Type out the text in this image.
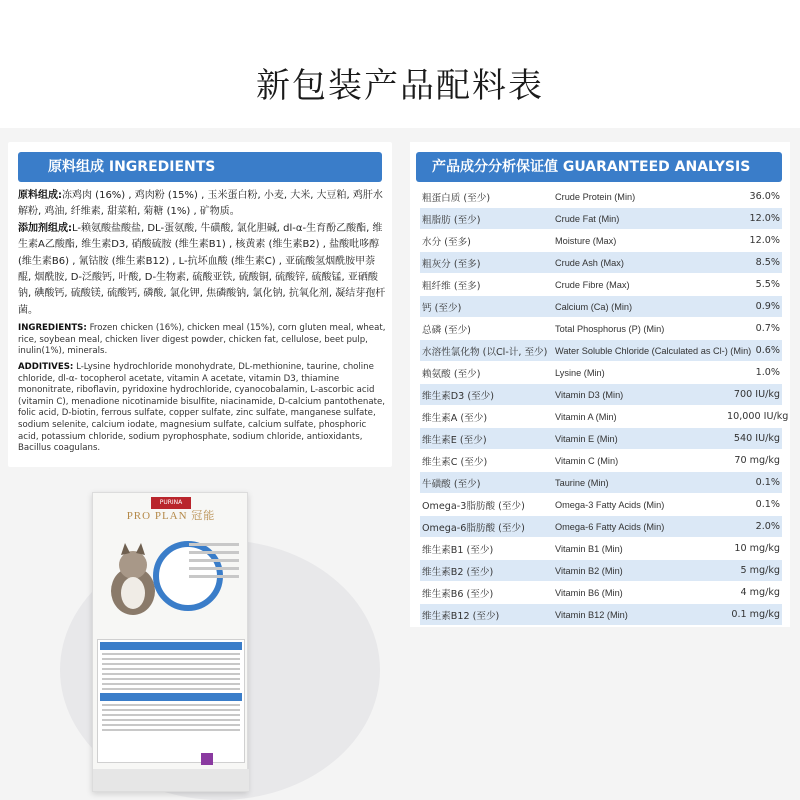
新包装产品配料表
原料组成 INGREDIENTS
原料组成:冻鸡肉 (16%) , 鸡肉粉 (15%) , 玉米蛋白粉, 小麦, 大米, 大豆粕, 鸡肝水解粉, 鸡油, 纤维素, 甜菜粕, 菊糖 (1%) , 矿物质。
添加剂组成:L-赖氨酸盐酸盐, DL-蛋氨酸, 牛磺酸, 氯化胆碱, dl-α-生育酚乙酸酯, 维生素A乙酸酯, 维生素D3, 硝酸硫胺 (维生素B1) , 核黄素 (维生素B2) , 盐酸吡哆醇 (维生素B6) , 氰钴胺 (维生素B12) , L-抗坏血酸 (维生素C) , 亚硫酸氢烟酰胺甲萘醌, 烟酰胺, D-泛酸钙, 叶酸, D-生物素, 硫酸亚铁, 硫酸铜, 硫酸锌, 硫酸锰, 亚硒酸钠, 碘酸钙, 硫酸镁, 硫酸钙, 磷酸, 氯化钾, 焦磷酸钠, 氯化钠, 抗氧化剂, 凝结芽孢杆菌。
INGREDIENTS: Frozen chicken (16%), chicken meal (15%), corn gluten meal, wheat, rice, soybean meal, chicken liver digest powder, chicken fat, cellulose, beet pulp, inulin(1%), minerals.
ADDITIVES: L-Lysine hydrochloride monohydrate, DL-methionine, taurine, choline chloride, dl-α- tocopherol acetate, vitamin A acetate, vitamin D3, thiamine mononitrate, riboflavin, pyridoxine hydrochloride, cyanocobalamin, L-ascorbic acid (vitamin C), menadione nicotinamide bisulfite, niacinamide, D-calcium pantothenate, folic acid, D-biotin, ferrous sulfate, copper sulfate, zinc sulfate, manganese sulfate, sodium selenite, calcium iodate, magnesium sulfate, calcium sulfate, phosphoric acid, potassium chloride, sodium pyrophosphate, sodium chloride, antioxidants, Bacillus coagulans.
产品成分分析保证值 GUARANTEED ANALYSIS
粗蛋白质 (至少)	Crude Protein (Min)	36.0%
粗脂肪 (至少)	Crude Fat (Min)	12.0%
水分 (至多)	Moisture (Max)	12.0%
粗灰分 (至多)	Crude Ash (Max)	8.5%
粗纤维 (至多)	Crude Fibre (Max)	5.5%
钙 (至少)	Calcium (Ca) (Min)	0.9%
总磷 (至少)	Total Phosphorus (P) (Min)	0.7%
水溶性氯化物 (以Cl-计, 至少) Water Soluble Chloride (Calculated as Cl-) (Min) 0.6%
赖氨酸 (至少)	Lysine (Min)	1.0%
维生素D3 (至少)	Vitamin D3 (Min)	700 IU/kg
维生素A (至少)	Vitamin A (Min)	10,000 IU/kg
维生素E (至少)	Vitamin E (Min)	540 IU/kg
维生素C (至少)	Vitamin C (Min)	70 mg/kg
牛磺酸 (至少)	Taurine (Min)	0.1%
Omega-3脂肪酸 (至少)	Omega-3 Fatty Acids (Min)	0.1%
Omega-6脂肪酸 (至少)	Omega-6 Fatty Acids (Min)	2.0%
维生素B1 (至少)	Vitamin B1 (Min)	10 mg/kg
维生素B2 (至少)	Vitamin B2 (Min)	5 mg/kg
维生素B6 (至少)	Vitamin B6 (Min)	4 mg/kg
维生素B12 (至少)	Vitamin B12 (Min)	0.1 mg/kg
PURINA
PRO PLAN 冠能
